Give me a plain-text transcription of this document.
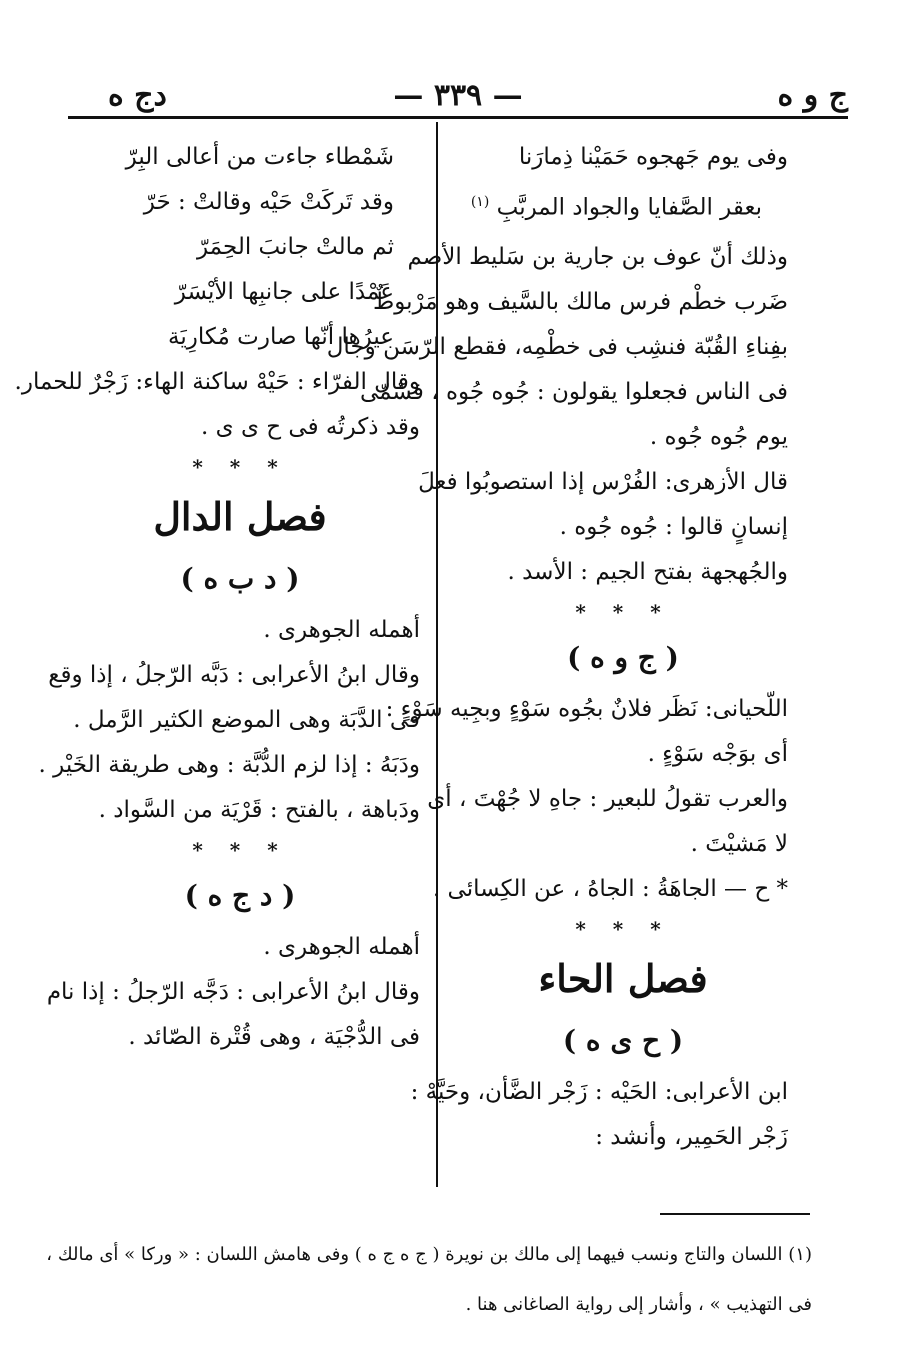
ج و ه
— ٣٣٩ —
دج ه
وفى يوم جَهجوه حَمَيْنا ذِمارَنا
بعقر الصَّفايا والجواد المربَّبِ $^{(١)}$
وذلك أنّ عوف بن جارية بن سَليط الأصم
ضَرب خطْم فرس مالك بالسَّيف وهو مَرْبوطٌ
بفِناءِ القُبّة فنشِب فى خطْمِه، فقطع الرّسَن وجال
فى الناس فجعلوا يقولون : جُوه جُوه ، فسُمّى
يوم جُوه جُوه .
قال الأزهرى: الفُرْس إذا استصوبُوا فعلَ
إنسانٍ قالوا : جُوه جُوه .
والجُهجهة بفتح الجيم : الأسد .
* * *
( ج و ه )
اللّحيانى: نَظَر فلانٌ بجُوه سَوْءٍ وبجِيه سَوْءٍ :
أى بوَجْه سَوْءٍ .
والعرب تقولُ للبعير : جاهِ لا جُهْتَ ، أى
لا مَشيْتَ .
* ح — الجاهَةُ : الجاهُ ، عن الكِسائى .
* * *
فصل الحاء
( ح ى ه )
ابن الأعرابى: الحَيْه : زَجْر الضَّأن، وحَيَّهْ :
زَجْر الحَمِير، وأنشد :
شَمْطاء جاءت من أعالى البِرّ
وقد تَركَتْ حَيْه وقالتْ : حَرّ
ثم مالتْ جانبَ الحِمَرّ
عَمْدًا على جانبِها الأيْسَرّ
عيرُها أنّها صارت مُكارِيَة
وقال الفرّاء : حَيْهْ ساكنة الهاء: زَجْرٌ للحمار.
وقد ذكرتُه فى ح ى ى .
* * *
فصل الدال
( د ب ه )
أهمله الجوهرى .
وقال ابنُ الأعرابى : دَبَّه الرّجلُ ، إذا وقع
فى الدَّبَة وهى الموضع الكثير الرَّمل .
ودَبَهُ : إذا لزم الدُّبَّة : وهى طريقة الخَيْر .
ودَباهة ، بالفتح : قَرْيَة من السَّواد .
* * *
( د ج ه )
أهمله الجوهرى .
وقال ابنُ الأعرابى : دَجَّه الرّجلُ : إذا نام
فى الدُّجْيَة ، وهى قُتْرة الصّائد .
(١) اللسان والتاج ونسب فيهما إلى مالك بن نويرة ( ج ه ج ه ) وفى هامش اللسان : « وركا » أى مالك ،
فى التهذيب » ، وأشار إلى رواية الصاغانى هنا .
